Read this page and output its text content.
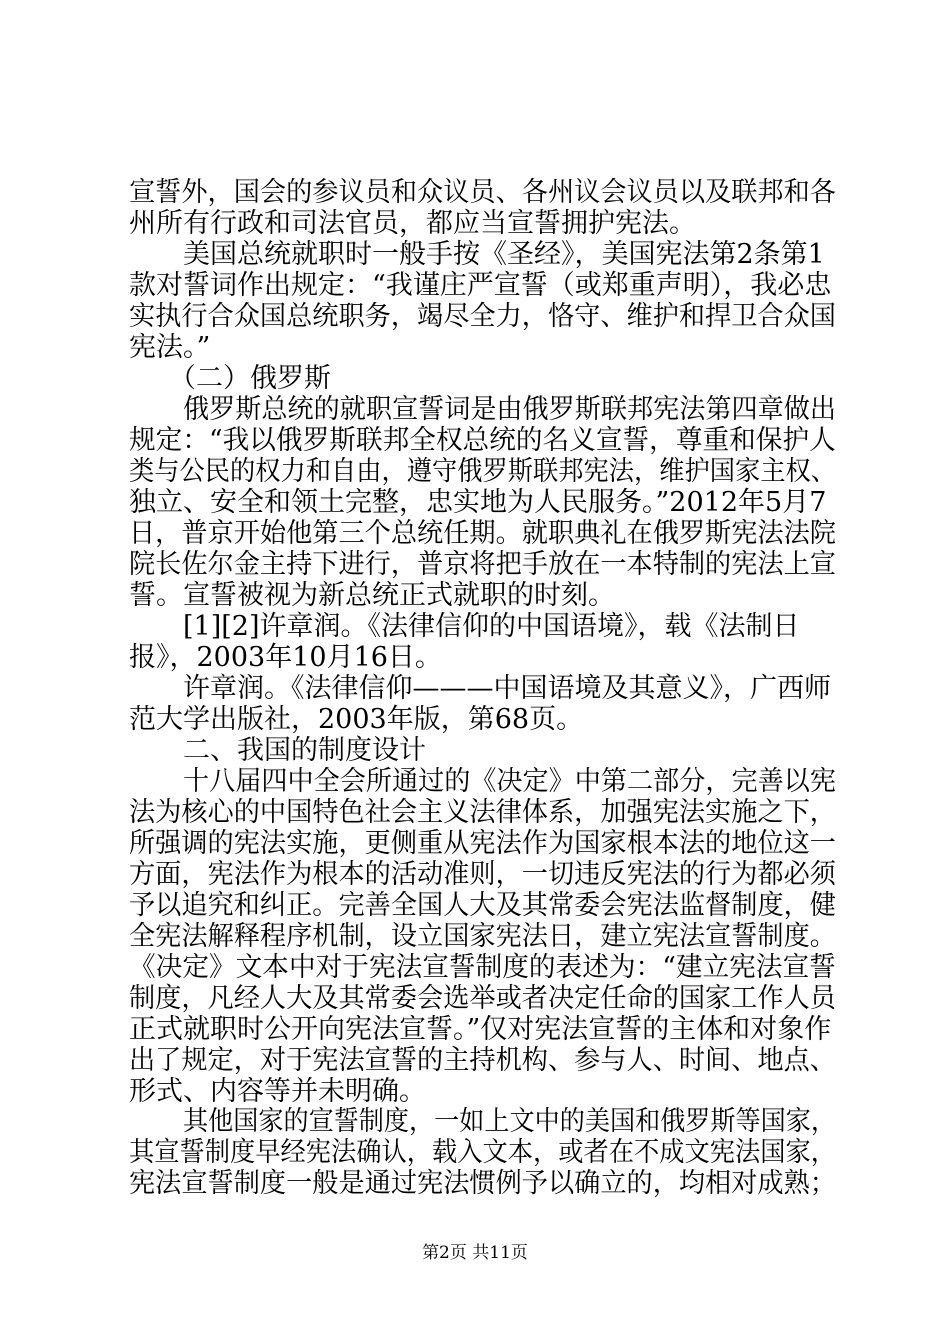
宣誓外，国会的参议员和众议员、各州议会议员以及联邦和各
州所有行政和司法官员，都应当宣誓拥护宪法。
美国总统就职时一般手按《圣经》，美国宪法第2条第1
款对誓词作出规定：“我谨庄严宣誓（或郑重声明），我必忠
实执行合众国总统职务，竭尽全力，恪守、维护和捍卫合众国
宪法。”
（二）俄罗斯
俄罗斯总统的就职宣誓词是由俄罗斯联邦宪法第四章做出
规定：“我以俄罗斯联邦全权总统的名义宣誓，尊重和保护人
类与公民的权力和自由，遵守俄罗斯联邦宪法，维护国家主权、
独立、安全和领土完整，忠实地为人民服务。”2012年5月7
日，普京开始他第三个总统任期。就职典礼在俄罗斯宪法法院
院长佐尔金主持下进行，普京将把手放在一本特制的宪法上宣
誓。宣誓被视为新总统正式就职的时刻。
[1][2]许章润。《法律信仰的中国语境》，载《法制日
报》，2003年10月16日。
许章润。《法律信仰———中国语境及其意义》，广西师
范大学出版社，2003年版，第68页。
二、我国的制度设计
十八届四中全会所通过的《决定》中第二部分，完善以宪
法为核心的中国特色社会主义法律体系，加强宪法实施之下，
所强调的宪法实施，更侧重从宪法作为国家根本法的地位这一
方面，宪法作为根本的活动准则，一切违反宪法的行为都必须
予以追究和纠正。完善全国人大及其常委会宪法监督制度，健
全宪法解释程序机制，设立国家宪法日，建立宪法宣誓制度。
《决定》文本中对于宪法宣誓制度的表述为：“建立宪法宣誓
制度，凡经人大及其常委会选举或者决定任命的国家工作人员
正式就职时公开向宪法宣誓。”仅对宪法宣誓的主体和对象作
出了规定，对于宪法宣誓的主持机构、参与人、时间、地点、
形式、内容等并未明确。
其他国家的宣誓制度，一如上文中的美国和俄罗斯等国家，
其宣誓制度早经宪法确认，载入文本，或者在不成文宪法国家，
宪法宣誓制度一般是通过宪法惯例予以确立的，均相对成熟；
第2页 共11页
